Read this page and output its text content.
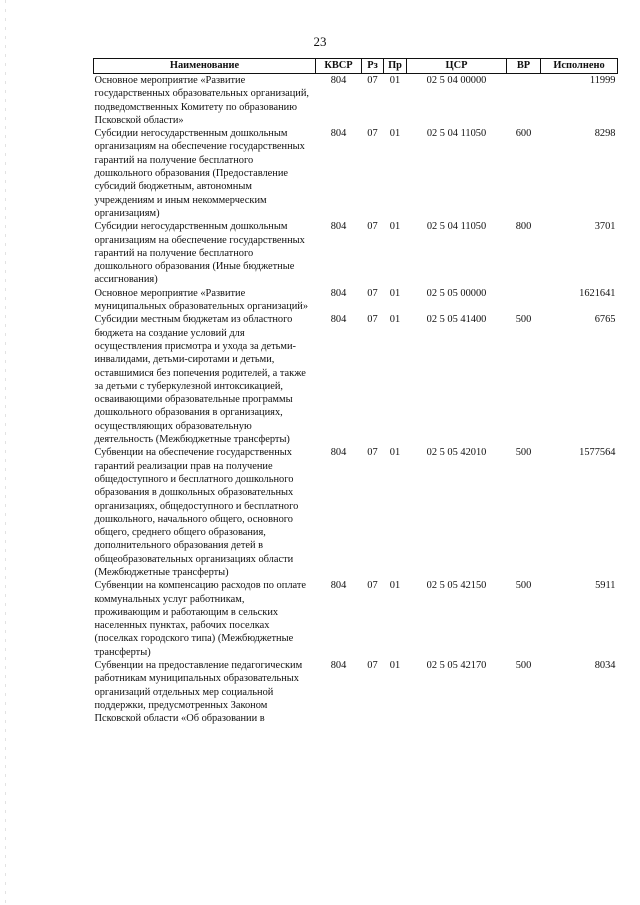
23
Наименование	КВСР	Рз	Пр	ЦСР	ВР	Исполнено
Основное мероприятие «Развитие государственных образовательных организаций, подведомственных Комитету по образованию Псковской области»	804	07	01	02 5 04 00000		11999
Субсидии негосударственным дошкольным организациям на обеспечение государственных гарантий на получение бесплатного дошкольного образования (Предоставление субсидий бюджетным, автономным учреждениям и иным некоммерческим организациям)	804	07	01	02 5 04 11050	600	8298
Субсидии негосударственным дошкольным организациям на обеспечение государственных гарантий на получение бесплатного дошкольного образования (Иные бюджетные ассигнования)	804	07	01	02 5 04 11050	800	3701
Основное мероприятие «Развитие муниципальных образовательных организаций»	804	07	01	02 5 05 00000		1621641
Субсидии местным бюджетам из областного бюджета на создание условий для осуществления присмотра и ухода за детьми-инвалидами, детьми-сиротами и детьми, оставшимися без попечения родителей, а также за детьми с туберкулезной интоксикацией, осваивающими образовательные программы дошкольного образования в организациях, осуществляющих образовательную деятельность (Межбюджетные трансферты)	804	07	01	02 5 05 41400	500	6765
Субвенции на обеспечение государственных гарантий реализации прав на получение общедоступного и бесплатного дошкольного образования в дошкольных образовательных организациях, общедоступного и бесплатного дошкольного, начального общего, основного общего, среднего общего образования, дополнительного образования детей в общеобразовательных организациях области (Межбюджетные трансферты)	804	07	01	02 5 05 42010	500	1577564
Субвенции на компенсацию расходов по оплате коммунальных услуг работникам, проживающим и работающим в сельских населенных пунктах, рабочих поселках (поселках городского типа) (Межбюджетные трансферты)	804	07	01	02 5 05 42150	500	5911
Субвенции на предоставление педагогическим работникам муниципальных образовательных организаций отдельных мер социальной поддержки, предусмотренных Законом Псковской области «Об образовании в	804	07	01	02 5 05 42170	500	8034
